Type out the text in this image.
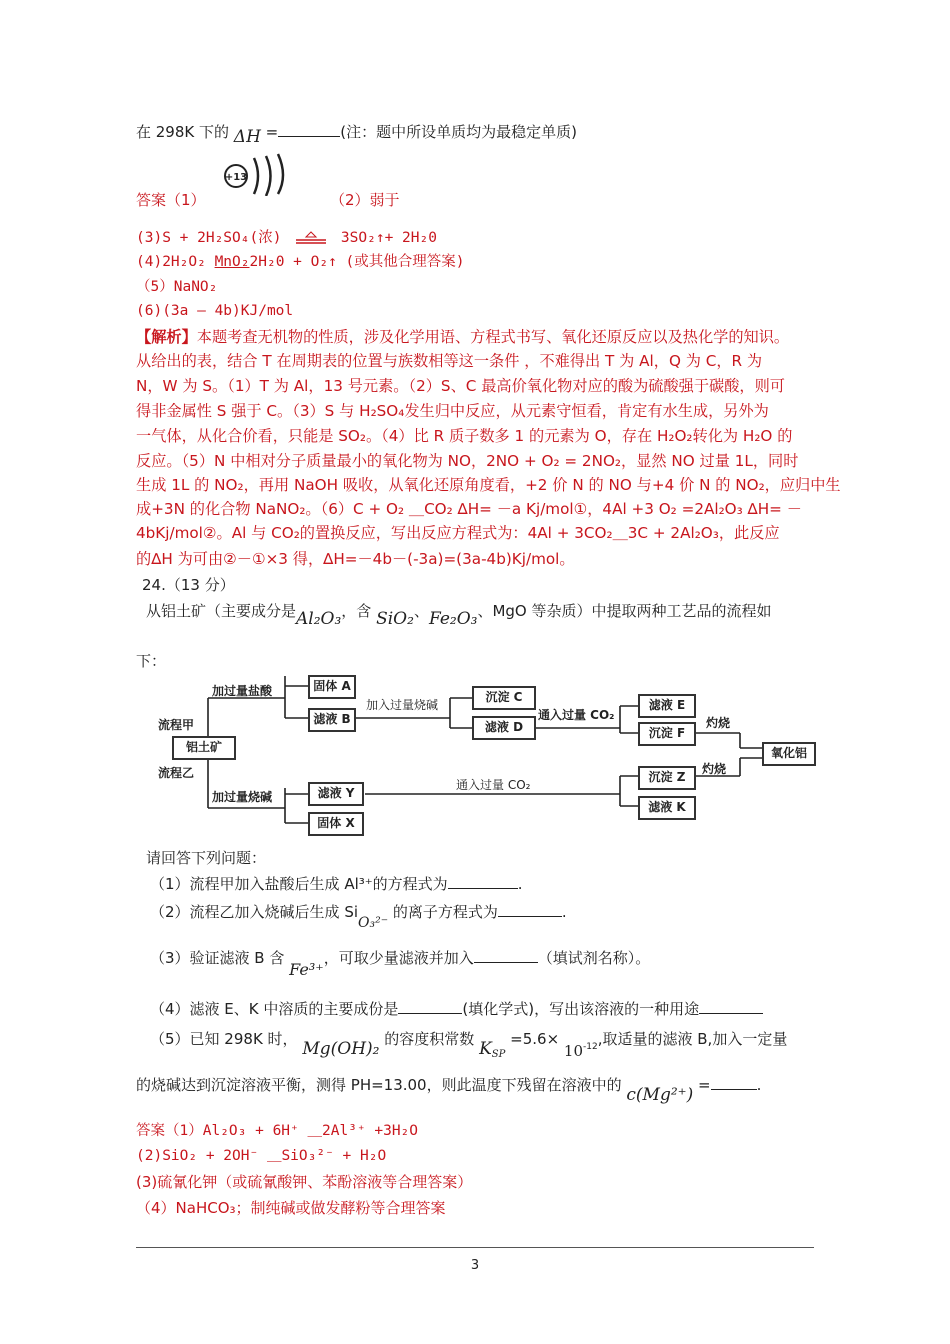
在 298K 下的 ΔH =	(注：题中所设单质均为最稳定单质)
+13
答案（1）	（2）弱于
(3)S + 2H₂SO₄(浓)	3SO₂↑+ 2H₂0
(4)2H₂O₂ MnO₂2H₂0 + O₂↑ (或其他合理答案)
（5）NaNO₂
(6)(3a – 4b)KJ/mol

【解析】本题考查无机物的性质，涉及化学用语、方程式书写、氧化还原反应以及热化学的知识。
从给出的表，结合 T 在周期表的位置与族数相等这一条件 ，不难得出 T 为 Al，Q 为 C，R 为
N，W 为 S。（1）T 为 Al，13 号元素。（2）S、C 最高价氧化物对应的酸为硫酸强于碳酸，则可
得非金属性 S 强于 C。（3）S 与 H₂SO₄发生归中反应，从元素守恒看，肯定有水生成，另外为
一气体，从化合价看，只能是 SO₂。（4）比 R 质子数多 1 的元素为 O，存在 H₂O₂转化为 H₂O 的
反应。（5）N 中相对分子质量最小的氧化物为 NO，2NO + O₂ = 2NO₂，显然 NO 过量 1L，同时
生成 1L 的 NO₂，再用 NaOH 吸收，从氧化还原角度看，+2 价 N 的 NO 与+4 价 N 的 NO₂，应归中生
成+3N 的化合物 NaNO₂。（6）C + O₂ ＿CO₂ ∆H= －a Kj/mol①，4Al +3 O₂ =2Al₂O₃ ∆H= －
4bKj/mol②。Al 与 CO₂的置换反应，写出反应方程式为：4Al + 3CO₂＿3C + 2Al₂O₃，此反应
的∆H 为可由②－①×3 得，∆H=－4b－(-3a)=(3a-4b)Kj/mol。
24.（13 分）
从铝土矿（主要成分是Al₂O₃，含 SiO₂、Fe₂O₃、MgO 等杂质）中提取两种工艺品的流程如
下：
流程甲
铝土矿
流程乙
加过量盐酸	固体 A
滤液 B
加入过量烧碱
沉淀 C
滤液 D
通入过量 CO₂
滤液 E
沉淀 F
灼烧
氧化铝
灼烧
加过量烧碱	滤液 Y
固体 X
通入过量 CO₂
沉淀 Z
滤液 K
请回答下列问题：
（1）流程甲加入盐酸后生成 Al³⁺的方程式为	.
（2）流程乙加入烧碱后生成 SiO₃²⁻ 的离子方程式为	.
（3）验证滤液 B 含 Fe³⁺，可取少量滤液并加入	（填试剂名称）。
（4）滤液 E、K 中溶质的主要成份是	(填化学式)，写出该溶液的一种用途
（5）已知 298K 时， Mg(OH)₂ 的容度积常数 $K_{SP} =5.6\times 10^{-12}$,取适量的滤液 B,加入一定量
的烧碱达到沉淀溶液平衡，测得 PH=13.00，则此温度下残留在溶液中的 c(Mg²⁺) =	.
答案（1）Al₂O₃ + 6H⁺ ＿2Al³⁺ +3H₂O
(2)SiO₂ + 2OH⁻ ＿SiO₃²⁻ + H₂O
(3)硫氰化钾（或硫氰酸钾、苯酚溶液等合理答案）
（4）NaHCO₃；制纯碱或做发酵粉等合理答案
3
